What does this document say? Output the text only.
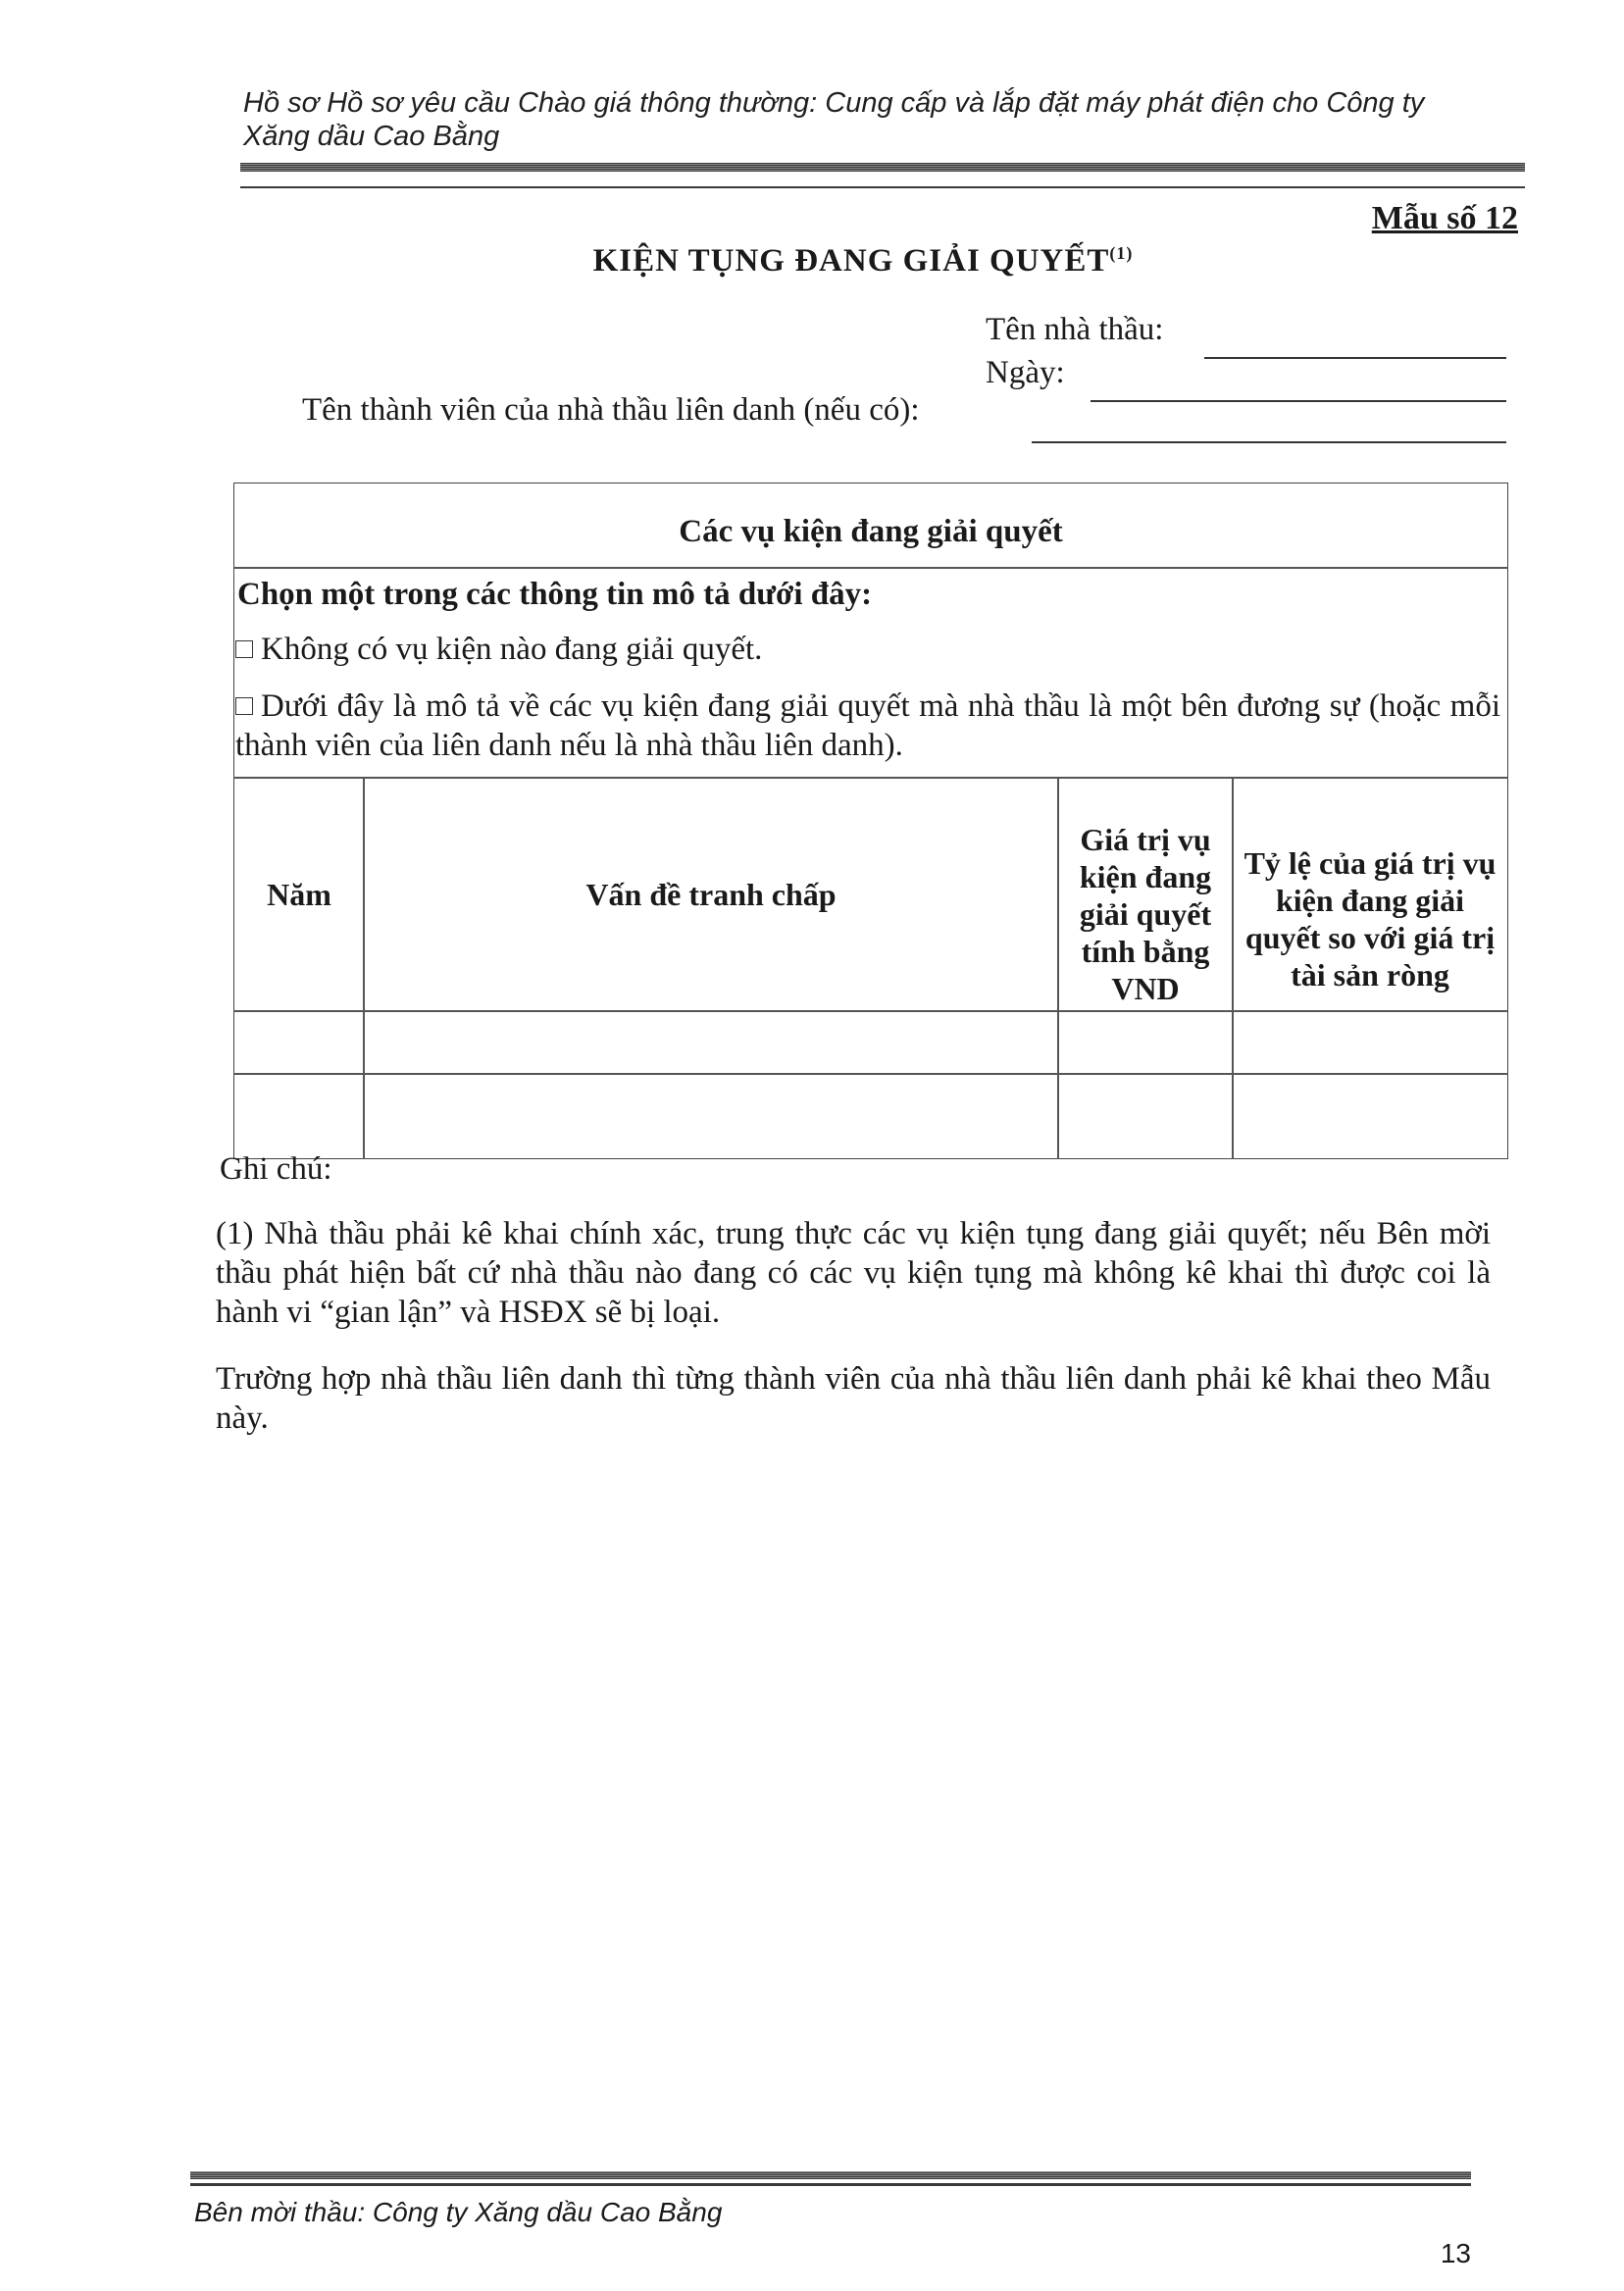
Hồ sơ Hồ sơ yêu cầu Chào giá thông thường: Cung cấp và lắp đặt máy phát điện cho Công ty
Xăng dầu Cao Bằng
Mẫu số 12
KIỆN TỤNG ĐANG GIẢI QUYẾT$^{(1)}$
Tên nhà thầu:
Ngày:
Tên thành viên của nhà thầu liên danh (nếu có):
Các vụ kiện đang giải quyết
Chọn một trong các thông tin mô tả dưới đây:
Không có vụ kiện nào đang giải quyết.
Dưới đây là mô tả về các vụ kiện đang giải quyết mà nhà thầu là một bên đương sự (hoặc mỗi thành viên của liên danh nếu là nhà thầu liên danh).
Năm	Vấn đề tranh chấp
Giá trị vụ kiện đang giải quyết tính bằng VND
Tỷ lệ của giá trị vụ kiện đang giải quyết so với giá trị tài sản ròng
Ghi chú:
(1) Nhà thầu phải kê khai chính xác, trung thực các vụ kiện tụng đang giải quyết; nếu Bên mời thầu phát hiện bất cứ nhà thầu nào đang có các vụ kiện tụng mà không kê khai thì được coi là hành vi “gian lận” và HSĐX sẽ bị loại.
Trường hợp nhà thầu liên danh thì từng thành viên của nhà thầu liên danh phải kê khai theo Mẫu này.
Bên mời thầu: Công ty Xăng dầu Cao Bằng
13
